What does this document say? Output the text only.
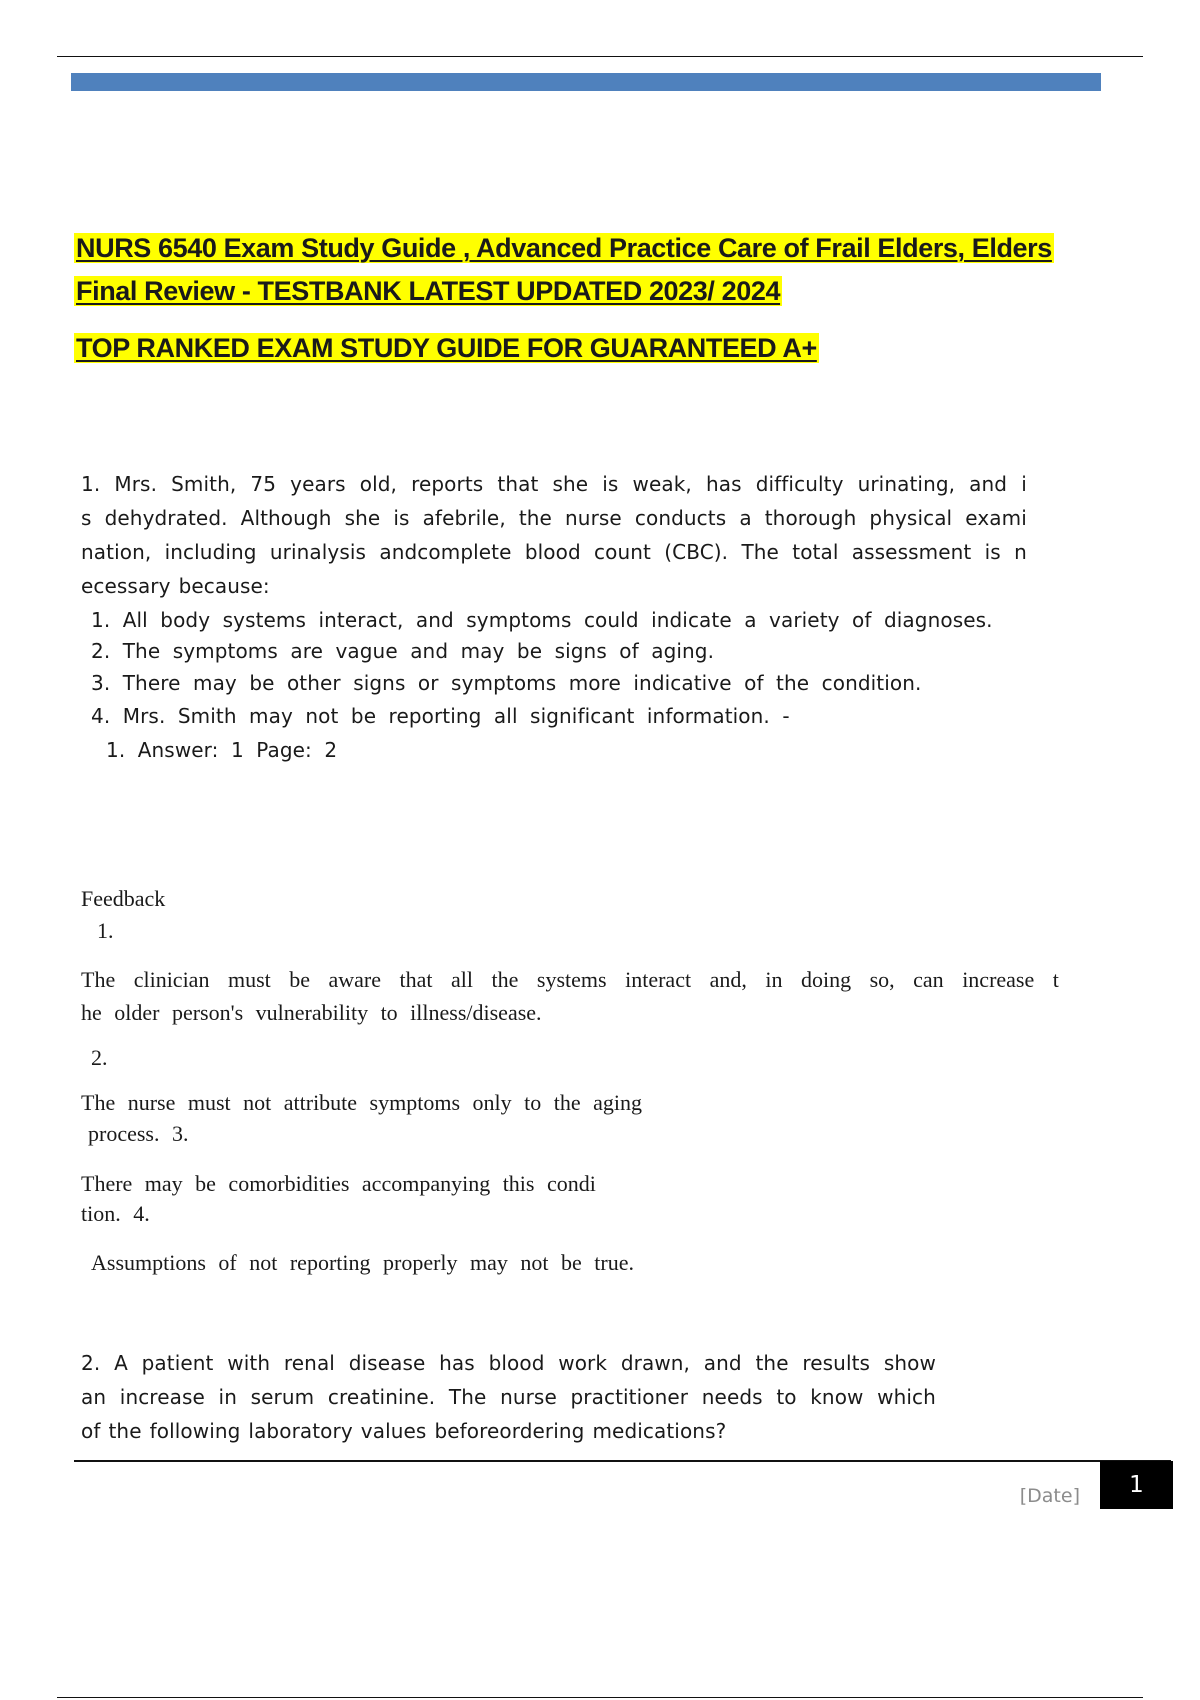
NURS 6540 Exam Study Guide , Advanced Practice Care of Frail Elders, Elders
Final Review - TESTBANK LATEST UPDATED 2023/ 2024
TOP RANKED EXAM STUDY GUIDE FOR GUARANTEED A+
1. Mrs. Smith, 75 years old, reports that she is weak, has difficulty urinating, and i
s dehydrated. Although she is afebrile, the nurse conducts a thorough physical exami
nation, including urinalysis andcomplete blood count (CBC). The total assessment is n
ecessary because:
1. All body systems interact, and symptoms could indicate a variety of diagnoses.
2. The symptoms are vague and may be signs of aging.
3. There may be other signs or symptoms more indicative of the condition.
4. Mrs. Smith may not be reporting all significant information. -
1. Answer: 1 Page: 2
Feedback
1.
The clinician must be aware that all the systems interact and, in doing so, can increase t
he older person's vulnerability to illness/disease.
2.
The nurse must not attribute symptoms only to the aging
process. 3.
There may be comorbidities accompanying this condi
tion. 4.
Assumptions of not reporting properly may not be true.
2. A patient with renal disease has blood work drawn, and the results show
an increase in serum creatinine. The nurse practitioner needs to know which
of the following laboratory values beforeordering medications?
[Date]	1
